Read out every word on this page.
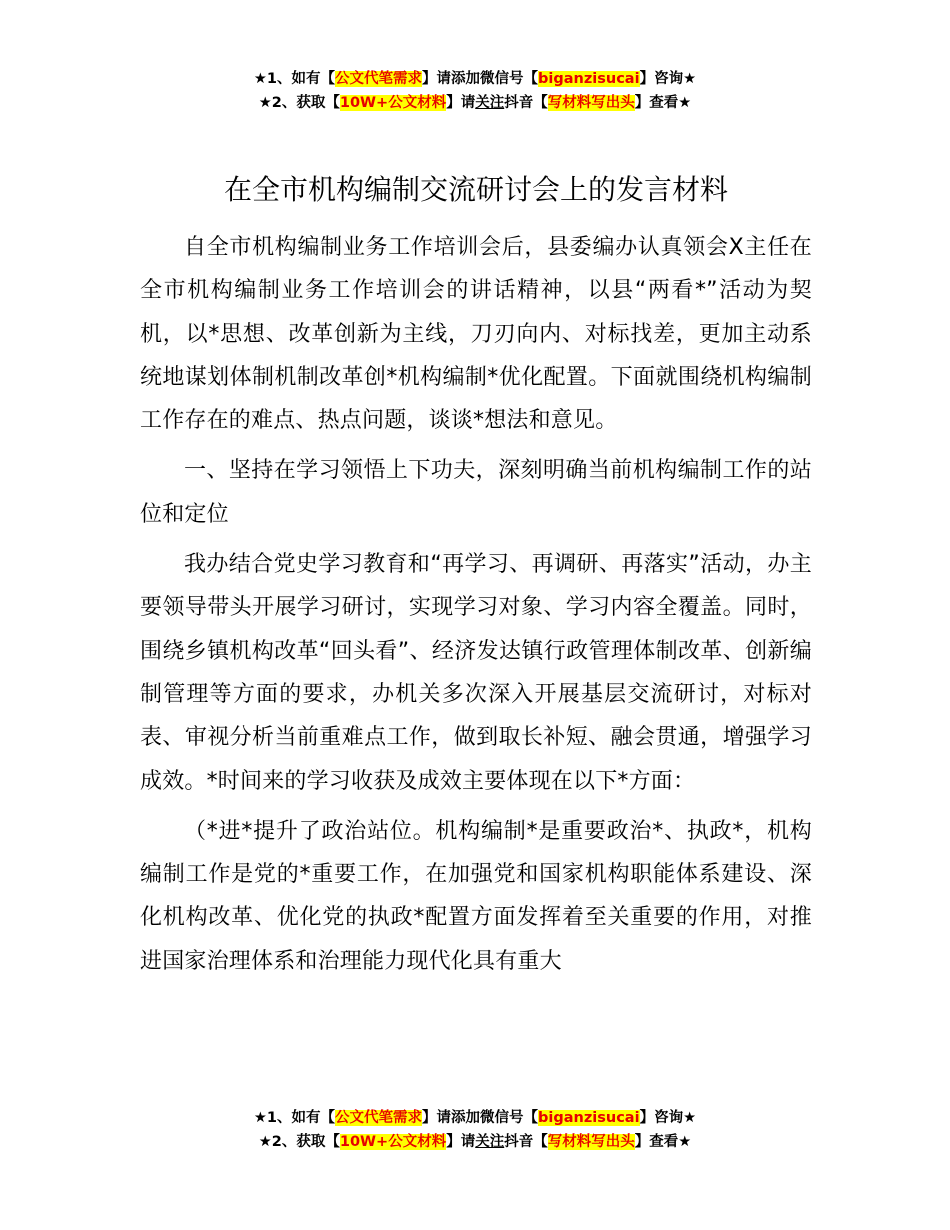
★1、如有【公文代笔需求】请添加微信号【biganzisucai】咨询★
★2、获取【10W+公文材料】请关注抖音【写材料写出头】查看★
在全市机构编制交流研讨会上的发言材料

自全市机构编制业务工作培训会后，县委编办认真领会X主任在全市机构编制业务工作培训会的讲话精神，以县“两看*”活动为契机，以*思想、改革创新为主线，刀刃向内、对标找差，更加主动系统地谋划体制机制改革创*机构编制*优化配置。下面就围绕机构编制工作存在的难点、热点问题，谈谈*想法和意见。

一、坚持在学习领悟上下功夫，深刻明确当前机构编制工作的站位和定位

我办结合党史学习教育和“再学习、再调研、再落实”活动，办主要领导带头开展学习研讨，实现学习对象、学习内容全覆盖。同时，围绕乡镇机构改革“回头看”、经济发达镇行政管理体制改革、创新编制管理等方面的要求，办机关多次深入开展基层交流研讨，对标对表、审视分析当前重难点工作，做到取长补短、融会贯通，增强学习成效。*时间来的学习收获及成效主要体现在以下*方面：

（*进*提升了政治站位。机构编制*是重要政治*、执政*，机构编制工作是党的*重要工作，在加强党和国家机构职能体系建设、深化机构改革、优化党的执政*配置方面发挥着至关重要的作用，对推进国家治理体系和治理能力现代化具有重大

★1、如有【公文代笔需求】请添加微信号【biganzisucai】咨询★
★2、获取【10W+公文材料】请关注抖音【写材料写出头】查看★
